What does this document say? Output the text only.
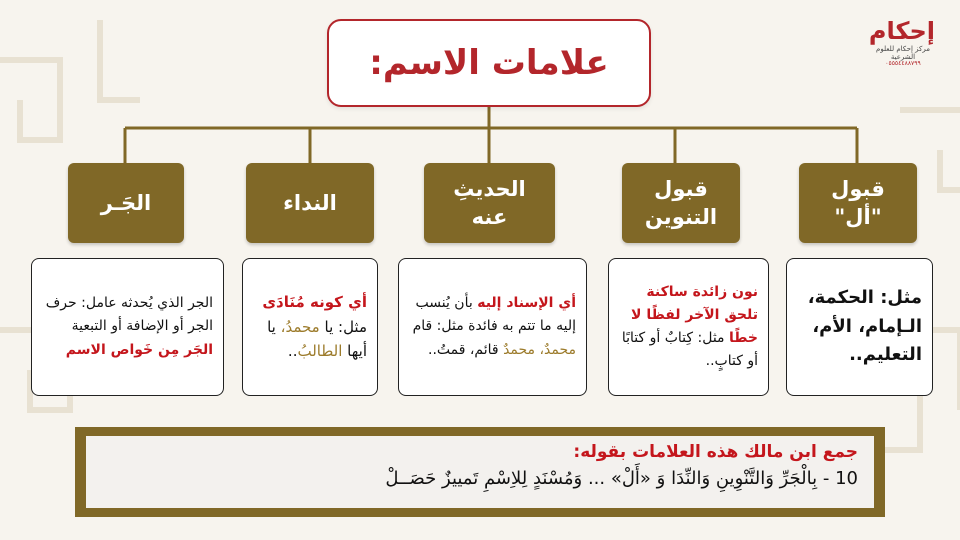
علامات الاسم:
إحكام
مركز إحكام للعلوم الشرعية
٠٥٥٥٤٤٨٨٧٩٩
قبول "أل"
قبول التنوين
الحديثِ عنه
النداء
الجَـر

مثل: الحكمة، الـإمام، الأم، التعليم..

نون زائدة ساكنة تلحق الآخر لفظًا لا خطًا مثل: كِتابٌ أو كتابًا أو كتابٍ..

أي الإسناد إليه بأن يُنسب إليه ما تتم به فائدة مثل: قام محمدٌ، محمدٌ قائم، قمتُ..

أي كونه مُنَادَى مثل: يا محمدُ، يا أيها الطالبُ..

الجر الذي يُحدثه عامل: حرف الجر أو الإضافة أو التبعية الجَر مِن خَواص الاسم

جمع ابن مالك هذه العلامات بقوله:

10 - بِالْجَرِّ وَالتَّنْوِينِ وَالنِّدَا وَ «أَلْ» ... وَمُسْنَدٍ لِلاِسْمِ تَمييزٌ حَصَــلْ
